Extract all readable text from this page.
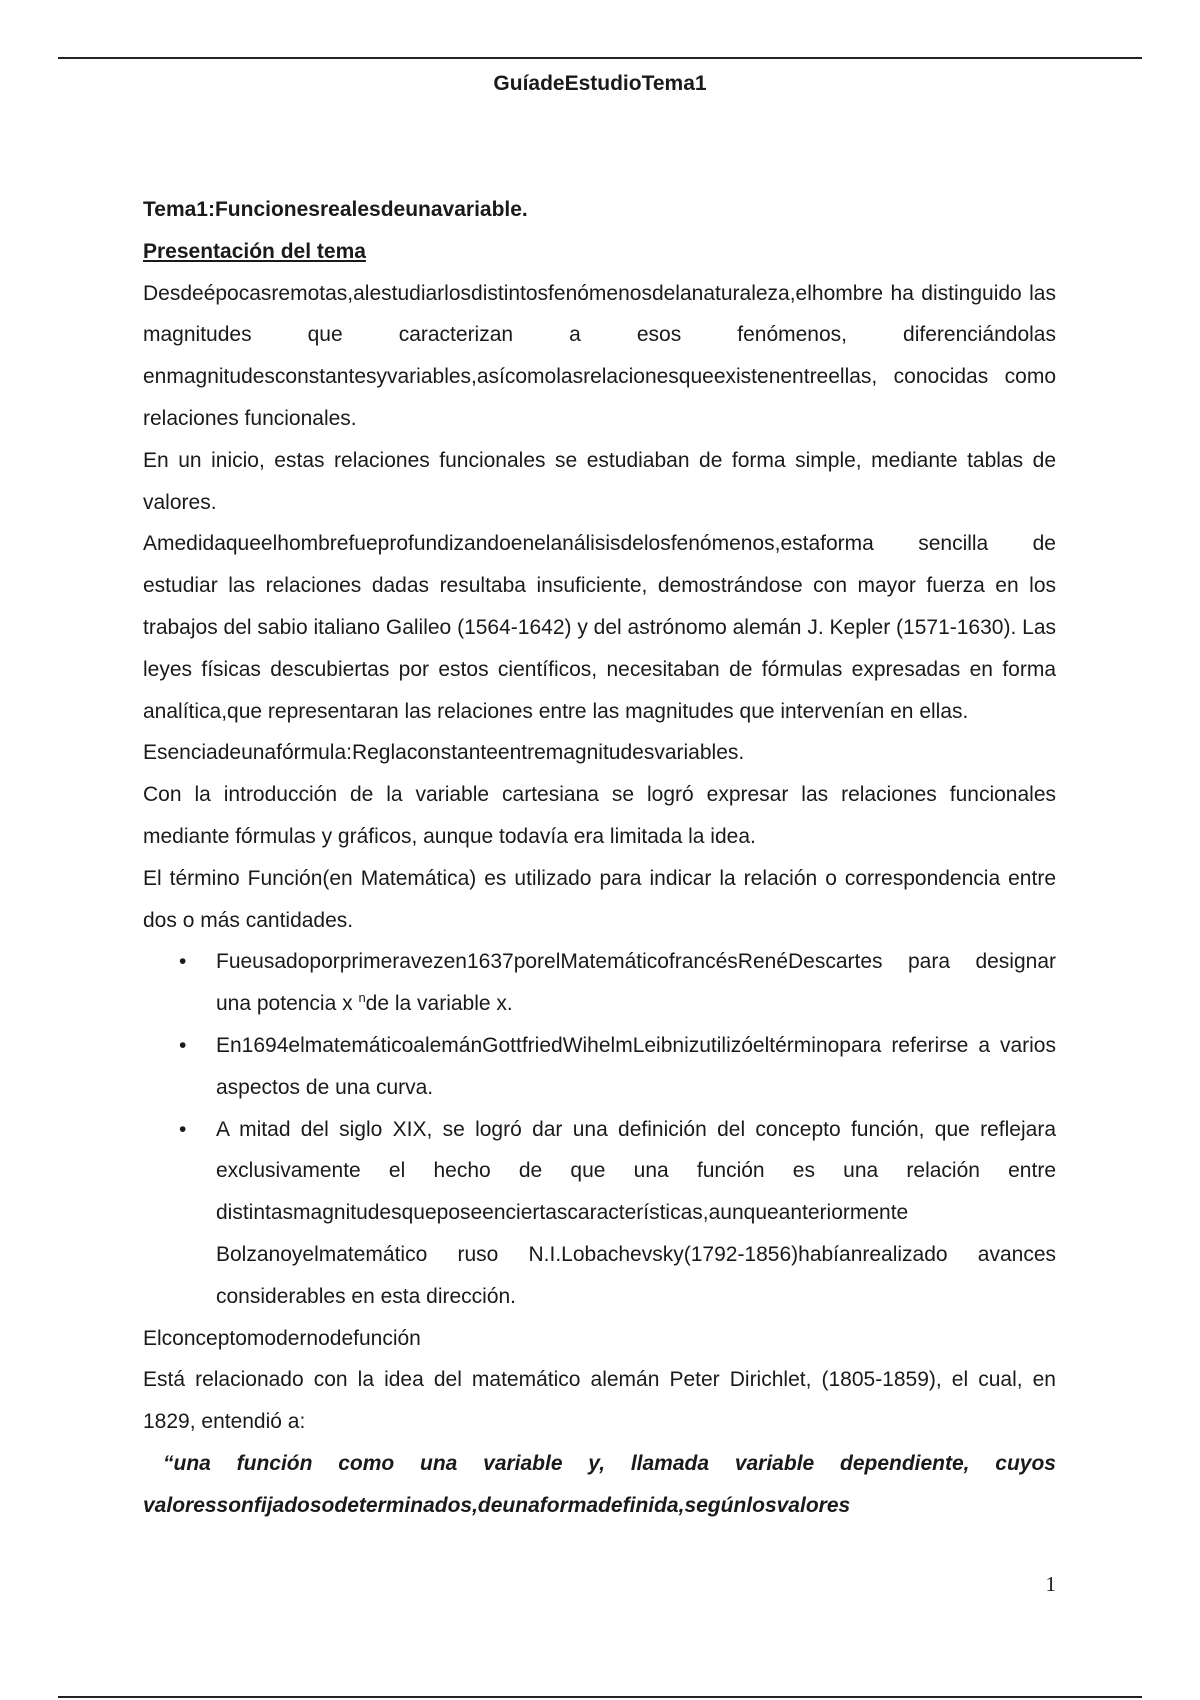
GuíadeEstudioTema1

Tema1:Funcionesrealesdeunavariable.

Presentación del tema

Desdeépocasremotas,alestudiarlosdistintosfenómenosdelanaturaleza,elhombre ha distinguido las magnitudes que caracterizan a esos fenómenos, diferenciándolas enmagnitudesconstantesyvariables,asícomolasrelacionesqueexistenentreellas, conocidas como relaciones funcionales.

En un inicio, estas relaciones funcionales se estudiaban de forma simple, mediante tablas de valores.

Amedidaqueelhombrefueprofundizandoenelanálisisdelosfenómenos,estaforma sencilla de estudiar las relaciones dadas resultaba insuficiente, demostrándose con mayor fuerza en los trabajos del sabio italiano Galileo (1564-1642) y del astrónomo alemán J. Kepler (1571-1630). Las leyes físicas descubiertas por estos científicos, necesitaban de fórmulas expresadas en forma analítica,que representaran las relaciones entre las magnitudes que intervenían en ellas.

Esenciadeunafórmula:Reglaconstanteentremagnitudesvariables.

Con la introducción de la variable cartesiana se logró expresar las relaciones funcionales mediante fórmulas y gráficos, aunque todavía era limitada la idea.

El término Función(en Matemática) es utilizado para indicar la relación o correspondencia entre dos o más cantidades.

• Fueusadoporprimeravezen1637porelMatemáticofrancésRenéDescartes para designar una potencia x $^n$de la variable x.
• En1694elmatemáticoalemánGottfriedWihelmLeibnizutilizóeltérminopara referirse a varios aspectos de una curva.
• A mitad del siglo XIX, se logró dar una definición del concepto función, que reflejara exclusivamente el hecho de que una función es una relación entre distintasmagnitudesqueposeenciertascaracterísticas,aunqueanteriormente Bolzanoyelmatemático ruso N.I.Lobachevsky(1792-1856)habíanrealizado avances considerables en esta dirección.

Elconceptomodernodefunción

Está relacionado con la idea del matemático alemán Peter Dirichlet, (1805-1859), el cual, en 1829, entendió a:

“una función como una variable y, llamada variable dependiente, cuyos valoressonfijadosodeterminados,deunaformadefinida,segúnlosvalores

1
